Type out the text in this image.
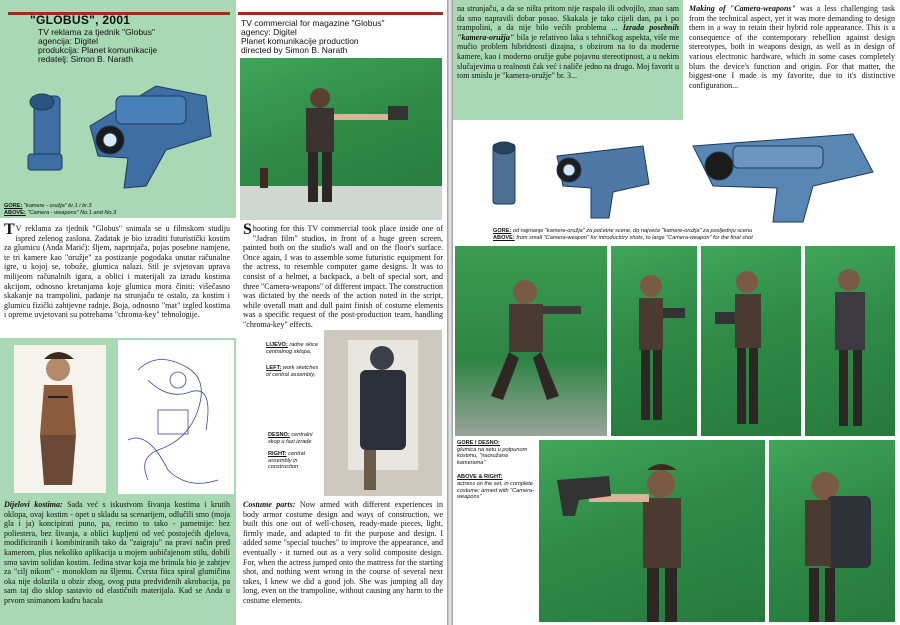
"GLOBUS", 2001
TV reklama za tjednik "Globus"
agencija: Digitel
produkcija: Planet komunikacije
redatelj: Simon B. Narath
GORE: "kamere - oružja" br.1 i br.3
ABOVE: "Camera - weapons" No.1 and No.3
TV commercial for magazine "Globus"
agency: Digitel
Planet komunikacije production
directed by Simon B. Narath
T V reklama za tjednik "Globus" snimala se u filmskom studiju ispred zelenog zaslona. Zadatak je bio izraditi futuristički kostim za glumicu (Anda Marić): šljem, naprtnjača, pojas posebne namjene, te tri kamere kao "oružje" za postizanje pogodaka unutar računalne igre, u kojoj se, tobože, glumica nalazi. Stil je svjetovan uprava milijeom računalnih igara, a oblici i materijali za izradu kostima akcijom, odnosno kretanjama koje glumica mora činiti: višečasno skakanje na trampolini, padanje na strunjaču te ostalo, za kostim i glumicu fizički zahtjevne radnje. Boja, odnosno "mat" izgled kostima i opreme uvjetovani su potrebama "chroma-key" tehnologije.
Shooting for this TV commercial took place inside one of "Jadran film" studios, in front of a huge green screen, painted both on the studio's wall and on the floor's surface. Once again, I was to assemble some futuristic equipment for the actress, to resemble computer game designs. It was to consist of a helmet, a backpack, a belt of special sort, and three "Camera-weapons" of different impact. The construction was dictated by the needs of the action noted in the script, while overall matt and dull paint finish of costume elements was a specific request of the post-production team, handling "chroma-key" effects.
LIJEVO: radne skice centralnog sklopa,
LEFT: work sketches of central assembly,
DESNO: centralni skop u fazi izrade
RIGHT: central assembly in construction
Dijelovi kostima: Sada već s iskustvom šivanja kostima i krutih oklopa, ovaj kostim - opet u skladu sa scenarijem, odlučili smo (moja gla i ja) koncipirati puno, pa, recimo to tako - pametnije: bez poliestera, bez šivanja, a oblici kupljeni od već postojećih djelova, modificiranih i kombiniranih tako da "zaigraju" na pravi način pred kamerom, plus nekoliko aplikacija u mojem uobičajenom stilu, dobili smo savim solidan kostim. Jedina stvar koja me brinula bio je zahtjev za "cilj nikom" - monoklom na šljemu. Čvrsta fiica spiral glumičina oka nije dolazila u obzir zbog, ovog puta predviđenih akrobacija, pa sam taj dio sklop sastavio od elastičnih materijala. Kad se Anda u prvom snimanom kadru bacala
Costume parts: Now armed with different experiences in body armor costume design and ways of construction, we built this one out of well-chosen, ready-made pieces, light, firmly made, and adapted to fit the purpose and design. I added some "special touches" to improve the appearance, and eventually - it turned out as a very solid composite design. For, when the actress jumped onto the mattress for the starting shot, and nothing went wrong in the course of several next takes, I knew we did a good job. She was jumping all day long, even on the trampoline, without causing any harm to the costume elements.
na strunjaču, a da se ništa pritom nije raspalo ili odvojilo, znao sam da smo napravili dobar posao. Skakala je tako cijeli dan, pa i po trampolini, a da nije bilo većih problema ... Izrada posebnih "kamera-oružja" bila je relativno laka s tehničkog aspekta, više me mučio problem hibridnosti dizajna, s obzirom na to da moderne kamere, kao i moderno oružje gube pojavnu stereotipnost, a u nekim slučajevima u realnosti čak već i naliče jedno na drugo. Moj favorit u tom smislu je "kamera-oružje" br. 3...
Making of "Camera-weapons" was a less challenging task from the technical aspect, yet it was more demanding to design them in a way to retain their hybrid role appearance. This is a consequence of the contemporary rebellion against design stereotypes, both in weapons design, as well as in design of various electronic hardware, which in some cases completely blurs the device's function and origin. For that matter, the biggest-one I made is my favorite, due to it's distinctive configuration...
GORE: od najmanje "kamere-oružja" za početne scene, do najveće "kamere-oružja" za posljednju scenu
ABOVE: from small "Camera-weapon" for introductory shots, to large "Camera-weapon" for the final shot
GORE I DESNO:
glumica na setu u potpunom kostimu, "naoružana kamerama"
ABOVE & RIGHT:
actress on the set, in complete costume; armed with "Camera-weapons"
